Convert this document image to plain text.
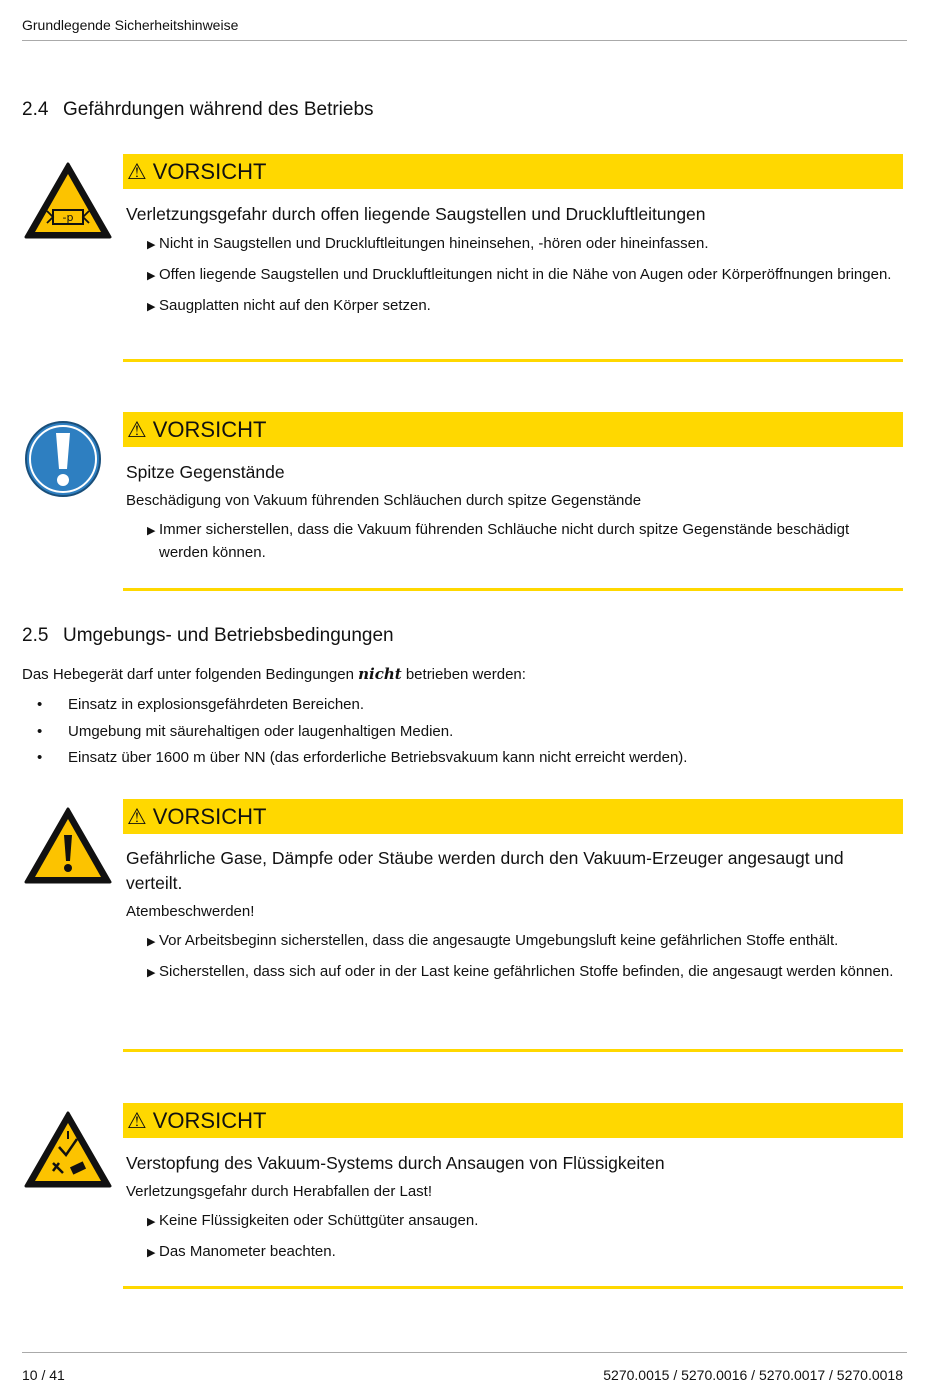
Grundlegende Sicherheitshinweise
2.4 Gefährdungen während des Betriebs
-p
⚠ VORSICHT
Verletzungsgefahr durch offen liegende Saugstellen und Druckluftleitungen
▶ Nicht in Saugstellen und Druckluftleitungen hineinsehen, -hören oder hineinfassen.
▶ Offen liegende Saugstellen und Druckluftleitungen nicht in die Nähe von Augen oder Körperöffnungen bringen.
▶ Saugplatten nicht auf den Körper setzen.
⚠ VORSICHT
Spitze Gegenstände
Beschädigung von Vakuum führenden Schläuchen durch spitze Gegenstände
▶ Immer sicherstellen, dass die Vakuum führenden Schläuche nicht durch spitze Gegenstände beschädigt werden können.
2.5 Umgebungs- und Betriebsbedingungen
Das Hebegerät darf unter folgenden Bedingungen nicht betrieben werden:
• Einsatz in explosionsgefährdeten Bereichen.
• Umgebung mit säurehaltigen oder laugenhaltigen Medien.
• Einsatz über 1600 m über NN (das erforderliche Betriebsvakuum kann nicht erreicht werden).
⚠ VORSICHT
Gefährliche Gase, Dämpfe oder Stäube werden durch den Vakuum-Erzeuger angesaugt und verteilt.
Atembeschwerden!
▶ Vor Arbeitsbeginn sicherstellen, dass die angesaugte Umgebungsluft keine gefährlichen Stoffe enthält.
▶ Sicherstellen, dass sich auf oder in der Last keine gefährlichen Stoffe befinden, die angesaugt werden können.
⚠ VORSICHT
Verstopfung des Vakuum-Systems durch Ansaugen von Flüssigkeiten
Verletzungsgefahr durch Herabfallen der Last!
▶ Keine Flüssigkeiten oder Schüttgüter ansaugen.
▶ Das Manometer beachten.
10 / 41	5270.0015 / 5270.0016 / 5270.0017 / 5270.0018
